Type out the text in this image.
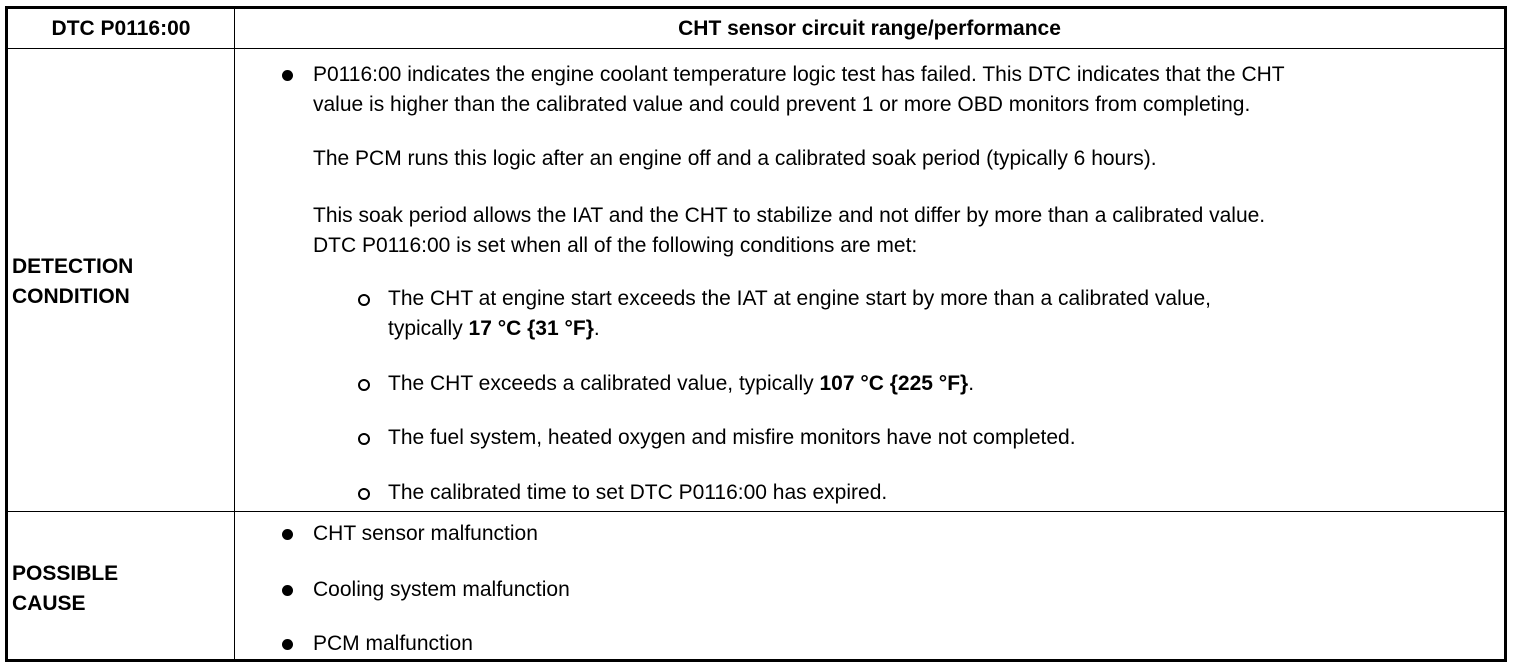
DTC P0116:00	CHT sensor circuit range/performance
DETECTION
CONDITION
P0116:00 indicates the engine coolant temperature logic test has failed. This DTC indicates that the CHT
value is higher than the calibrated value and could prevent 1 or more OBD monitors from completing.
The PCM runs this logic after an engine off and a calibrated soak period (typically 6 hours).
This soak period allows the IAT and the CHT to stabilize and not differ by more than a calibrated value.
DTC P0116:00 is set when all of the following conditions are met:
The CHT at engine start exceeds the IAT at engine start by more than a calibrated value,
typically 17 °C {31 °F}.
The CHT exceeds a calibrated value, typically 107 °C {225 °F}.
The fuel system, heated oxygen and misfire monitors have not completed.
The calibrated time to set DTC P0116:00 has expired.
POSSIBLE
CAUSE
CHT sensor malfunction
Cooling system malfunction
PCM malfunction
